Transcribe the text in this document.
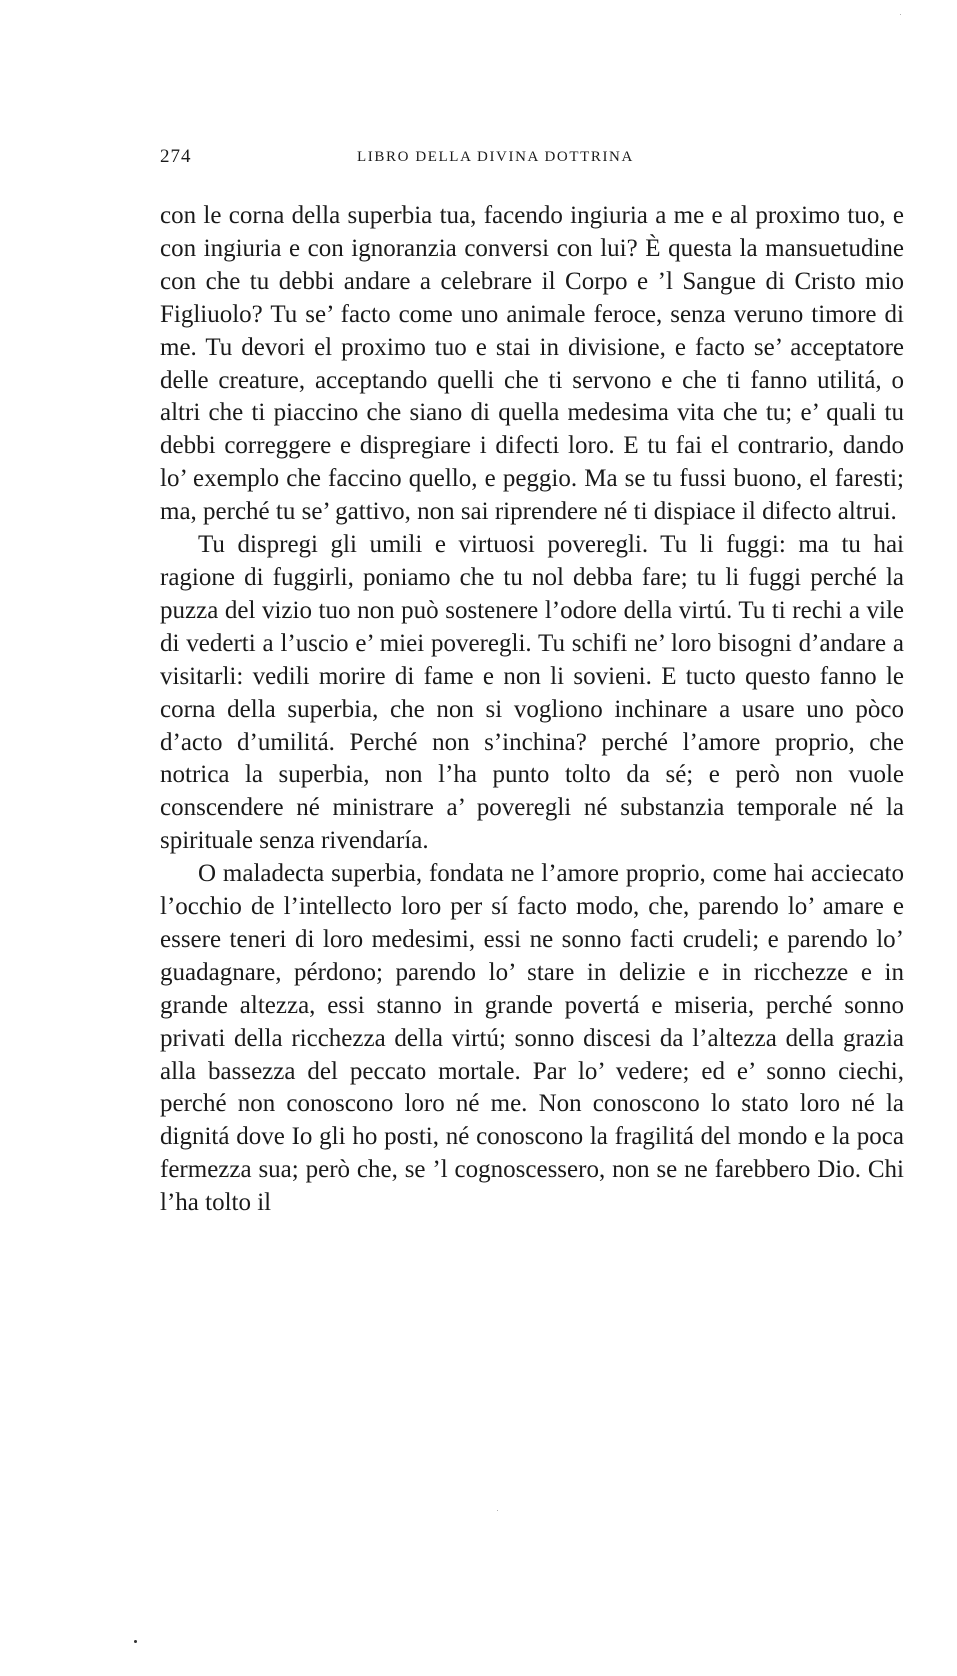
274	LIBRO DELLA DIVINA DOTTRINA

con le corna della superbia tua, facendo ingiuria a me e al proximo tuo, e con ingiuria e con ignoranzia conversi con lui? È questa la mansuetudine con che tu debbi andare a celebrare il Corpo e ’l Sangue di Cristo mio Figliuolo? Tu se’ facto come uno animale feroce, senza veruno timore di me. Tu devori el proximo tuo e stai in divisione, e facto se’ acceptatore delle creature, acceptando quelli che ti servono e che ti fanno utilitá, o altri che ti piaccino che siano di quella medesima vita che tu; e’ quali tu debbi correggere e dispregiare i difecti loro. E tu fai el contrario, dando lo’ exemplo che faccino quello, e peggio. Ma se tu fussi buono, el faresti; ma, perché tu se’ gattivo, non sai riprendere né ti dispiace il difecto altrui.

Tu dispregi gli umili e virtuosi poveregli. Tu li fuggi: ma tu hai ragione di fuggirli, poniamo che tu nol debba fare; tu li fuggi perché la puzza del vizio tuo non può sostenere l’odore della virtú. Tu ti rechi a vile di vederti a l’uscio e’ miei poveregli. Tu schifi ne’ loro bisogni d’andare a visitarli: vedili morire di fame e non li sovieni. E tucto questo fanno le corna della superbia, che non si vogliono inchinare a usare uno pòco d’acto d’umilitá. Perché non s’inchina? perché l’amore proprio, che notrica la superbia, non l’ha punto tolto da sé; e però non vuole conscendere né ministrare a’ poveregli né substanzia temporale né la spirituale senza rivendaría.

O maladecta superbia, fondata ne l’amore proprio, come hai acciecato l’occhio de l’intellecto loro per sí facto modo, che, parendo lo’ amare e essere teneri di loro medesimi, essi ne sonno facti crudeli; e parendo lo’ guadagnare, pérdono; parendo lo’ stare in delizie e in ricchezze e in grande altezza, essi stanno in grande povertá e miseria, perché sonno privati della ricchezza della virtú; sonno discesi da l’altezza della grazia alla bassezza del peccato mortale. Par lo’ vedere; ed e’ sonno ciechi, perché non conoscono loro né me. Non conoscono lo stato loro né la dignitá dove Io gli ho posti, né conoscono la fragilitá del mondo e la poca fermezza sua; però che, se ’l cognoscessero, non se ne farebbero Dio. Chi l’ha tolto il
